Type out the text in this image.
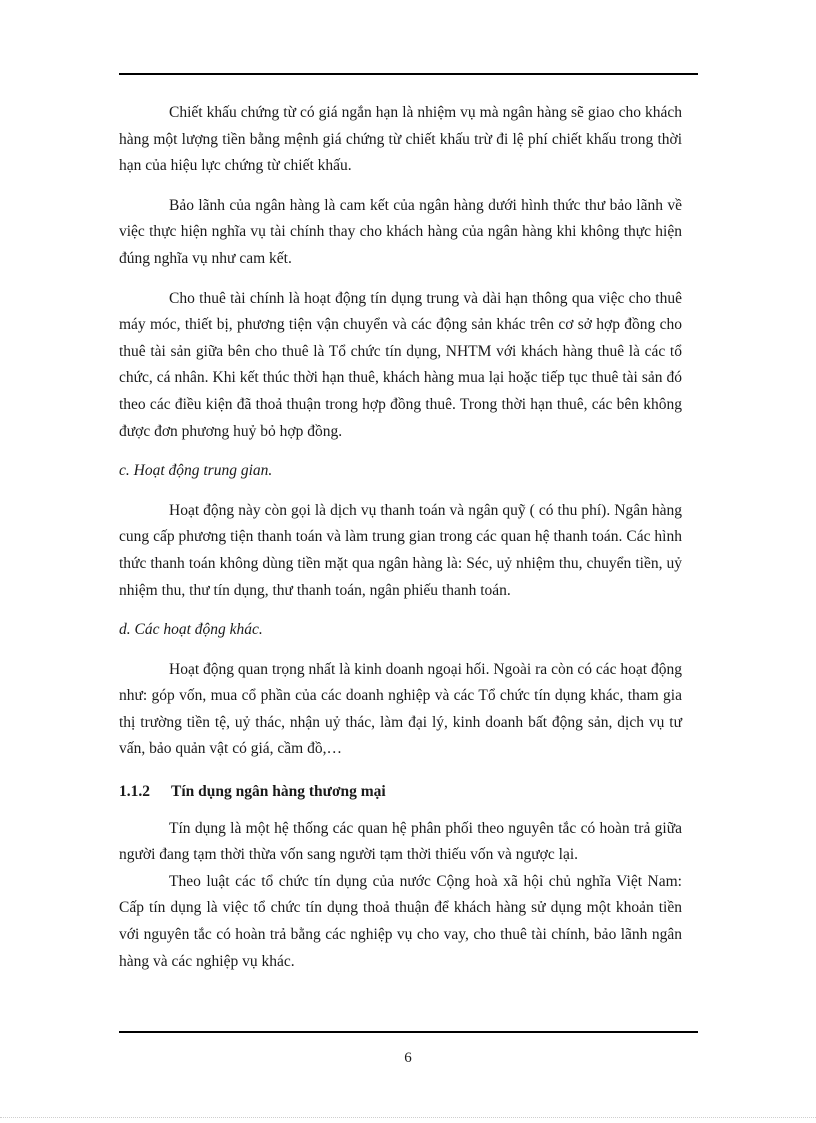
Chiết khấu chứng từ có giá ngắn hạn là nhiệm vụ mà ngân hàng sẽ giao cho khách hàng một lượng tiền bằng mệnh giá chứng từ chiết khấu trừ đi lệ phí chiết khấu trong thời hạn của hiệu lực chứng từ chiết khấu.

Bảo lãnh của ngân hàng là cam kết của ngân hàng dưới hình thức thư bảo lãnh về việc thực hiện nghĩa vụ tài chính thay cho khách hàng của ngân hàng khi không thực hiện đúng nghĩa vụ như cam kết.

Cho thuê tài chính là hoạt động tín dụng trung và dài hạn thông qua việc cho thuê máy móc, thiết bị, phương tiện vận chuyển và các động sản khác trên cơ sở hợp đồng cho thuê tài sản giữa bên cho thuê là Tổ chức tín dụng, NHTM với khách hàng thuê là các tổ chức, cá nhân. Khi kết thúc thời hạn thuê, khách hàng mua lại hoặc tiếp tục thuê tài sản đó theo các điều kiện đã thoả thuận trong hợp đồng thuê. Trong thời hạn thuê, các bên không được đơn phương huỷ bỏ hợp đồng.

c. Hoạt động trung gian.

Hoạt động này còn gọi là dịch vụ thanh toán và ngân quỹ ( có thu phí). Ngân hàng cung cấp phương tiện thanh toán và làm trung gian trong các quan hệ thanh toán. Các hình thức thanh toán không dùng tiền mặt qua ngân hàng là: Séc, uỷ nhiệm thu, chuyển tiền, uỷ nhiệm thu, thư tín dụng, thư thanh toán, ngân phiếu thanh toán.

d. Các hoạt động khác.

Hoạt động quan trọng nhất là kinh doanh ngoại hối. Ngoài ra còn có các hoạt động như: góp vốn, mua cổ phần của các doanh nghiệp và các Tổ chức tín dụng khác, tham gia thị trường tiền tệ, uỷ thác, nhận uỷ thác, làm đại lý, kinh doanh bất động sản, dịch vụ tư vấn, bảo quản vật có giá, cầm đồ,…

1.1.2 Tín dụng ngân hàng thương mại

Tín dụng là một hệ thống các quan hệ phân phối theo nguyên tắc có hoàn trả giữa người đang tạm thời thừa vốn sang người tạm thời thiếu vốn và ngược lại.

Theo luật các tổ chức tín dụng của nước Cộng hoà xã hội chủ nghĩa Việt Nam: Cấp tín dụng là việc tổ chức tín dụng thoả thuận để khách hàng sử dụng một khoản tiền với nguyên tắc có hoàn trả bằng các nghiệp vụ cho vay, cho thuê tài chính, bảo lãnh ngân hàng và các nghiệp vụ khác.

6
